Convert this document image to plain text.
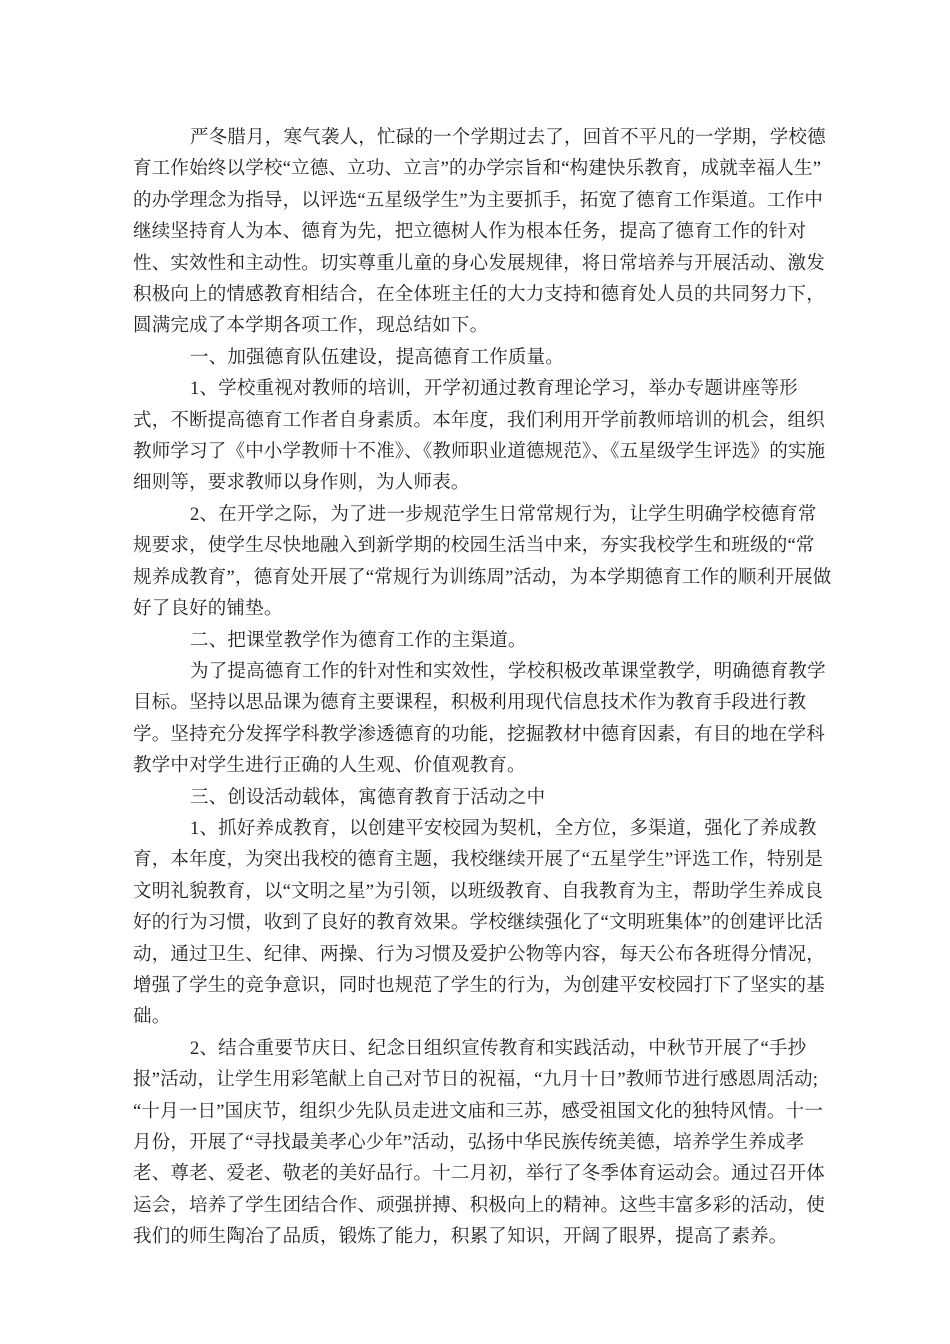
严冬腊月，寒气袭人，忙碌的一个学期过去了，回首不平凡的一学期，学校德育工作始终以学校“立德、立功、立言”的办学宗旨和“构建快乐教育，成就幸福人生”的办学理念为指导，以评选“五星级学生”为主要抓手，拓宽了德育工作渠道。工作中继续坚持育人为本、德育为先，把立德树人作为根本任务，提高了德育工作的针对性、实效性和主动性。切实尊重儿童的身心发展规律，将日常培养与开展活动、激发积极向上的情感教育相结合，在全体班主任的大力支持和德育处人员的共同努力下，圆满完成了本学期各项工作，现总结如下。

一、加强德育队伍建设，提高德育工作质量。

1、学校重视对教师的培训，开学初通过教育理论学习，举办专题讲座等形式，不断提高德育工作者自身素质。本年度，我们利用开学前教师培训的机会，组织教师学习了《中小学教师十不准》、《教师职业道德规范》、《五星级学生评选》的实施细则等，要求教师以身作则，为人师表。

2、在开学之际，为了进一步规范学生日常常规行为，让学生明确学校德育常规要求，使学生尽快地融入到新学期的校园生活当中来，夯实我校学生和班级的“常规养成教育”，德育处开展了“常规行为训练周”活动，为本学期德育工作的顺利开展做好了良好的铺垫。

二、把课堂教学作为德育工作的主渠道。

为了提高德育工作的针对性和实效性，学校积极改革课堂教学，明确德育教学目标。坚持以思品课为德育主要课程，积极利用现代信息技术作为教育手段进行教学。坚持充分发挥学科教学渗透德育的功能，挖掘教材中德育因素，有目的地在学科教学中对学生进行正确的人生观、价值观教育。

三、创设活动载体，寓德育教育于活动之中

1、抓好养成教育，以创建平安校园为契机，全方位，多渠道，强化了养成教育，本年度，为突出我校的德育主题，我校继续开展了“五星学生”评选工作，特别是文明礼貌教育，以“文明之星”为引领，以班级教育、自我教育为主，帮助学生养成良好的行为习惯，收到了良好的教育效果。学校继续强化了“文明班集体”的创建评比活动，通过卫生、纪律、两操、行为习惯及爱护公物等内容，每天公布各班得分情况，增强了学生的竞争意识，同时也规范了学生的行为，为创建平安校园打下了坚实的基础。

2、结合重要节庆日、纪念日组织宣传教育和实践活动，中秋节开展了“手抄报”活动，让学生用彩笔献上自己对节日的祝福，“九月十日”教师节进行感恩周活动;“十月一日”国庆节，组织少先队员走进文庙和三苏，感受祖国文化的独特风情。十一月份，开展了“寻找最美孝心少年”活动，弘扬中华民族传统美德，培养学生养成孝老、尊老、爱老、敬老的美好品行。十二月初，举行了冬季体育运动会。通过召开体运会，培养了学生团结合作、顽强拼搏、积极向上的精神。这些丰富多彩的活动，使我们的师生陶冶了品质，锻炼了能力，积累了知识，开阔了眼界，提高了素养。
